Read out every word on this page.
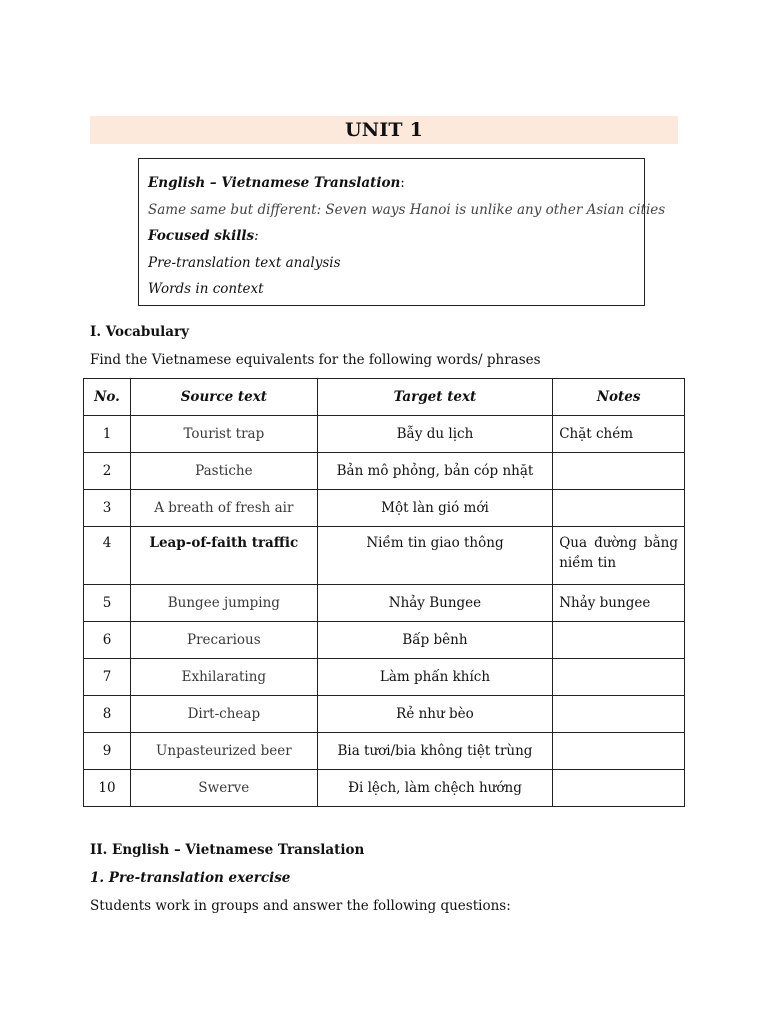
UNIT 1
English – Vietnamese Translation:
Same same but different: Seven ways Hanoi is unlike any other Asian cities
Focused skills:
Pre-translation text analysis
Words in context
I. Vocabulary
Find the Vietnamese equivalents for the following words/ phrases
No.	Source text	Target text	Notes
1	Tourist trap	Bẫy du lịch	Chặt chém
2	Pastiche	Bản mô phỏng, bản cóp nhặt	
3	A breath of fresh air	Một làn gió mới	
4	Leap-of-faith traffic	Niềm tin giao thông	Qua đường bằng niềm tin
5	Bungee jumping	Nhảy Bungee	Nhảy bungee
6	Precarious	Bấp bênh	
7	Exhilarating	Làm phấn khích	
8	Dirt-cheap	Rẻ như bèo	
9	Unpasteurized beer	Bia tươi/bia không tiệt trùng	
10	Swerve	Đi lệch, làm chệch hướng	
II. English – Vietnamese Translation
1. Pre-translation exercise
Students work in groups and answer the following questions:
